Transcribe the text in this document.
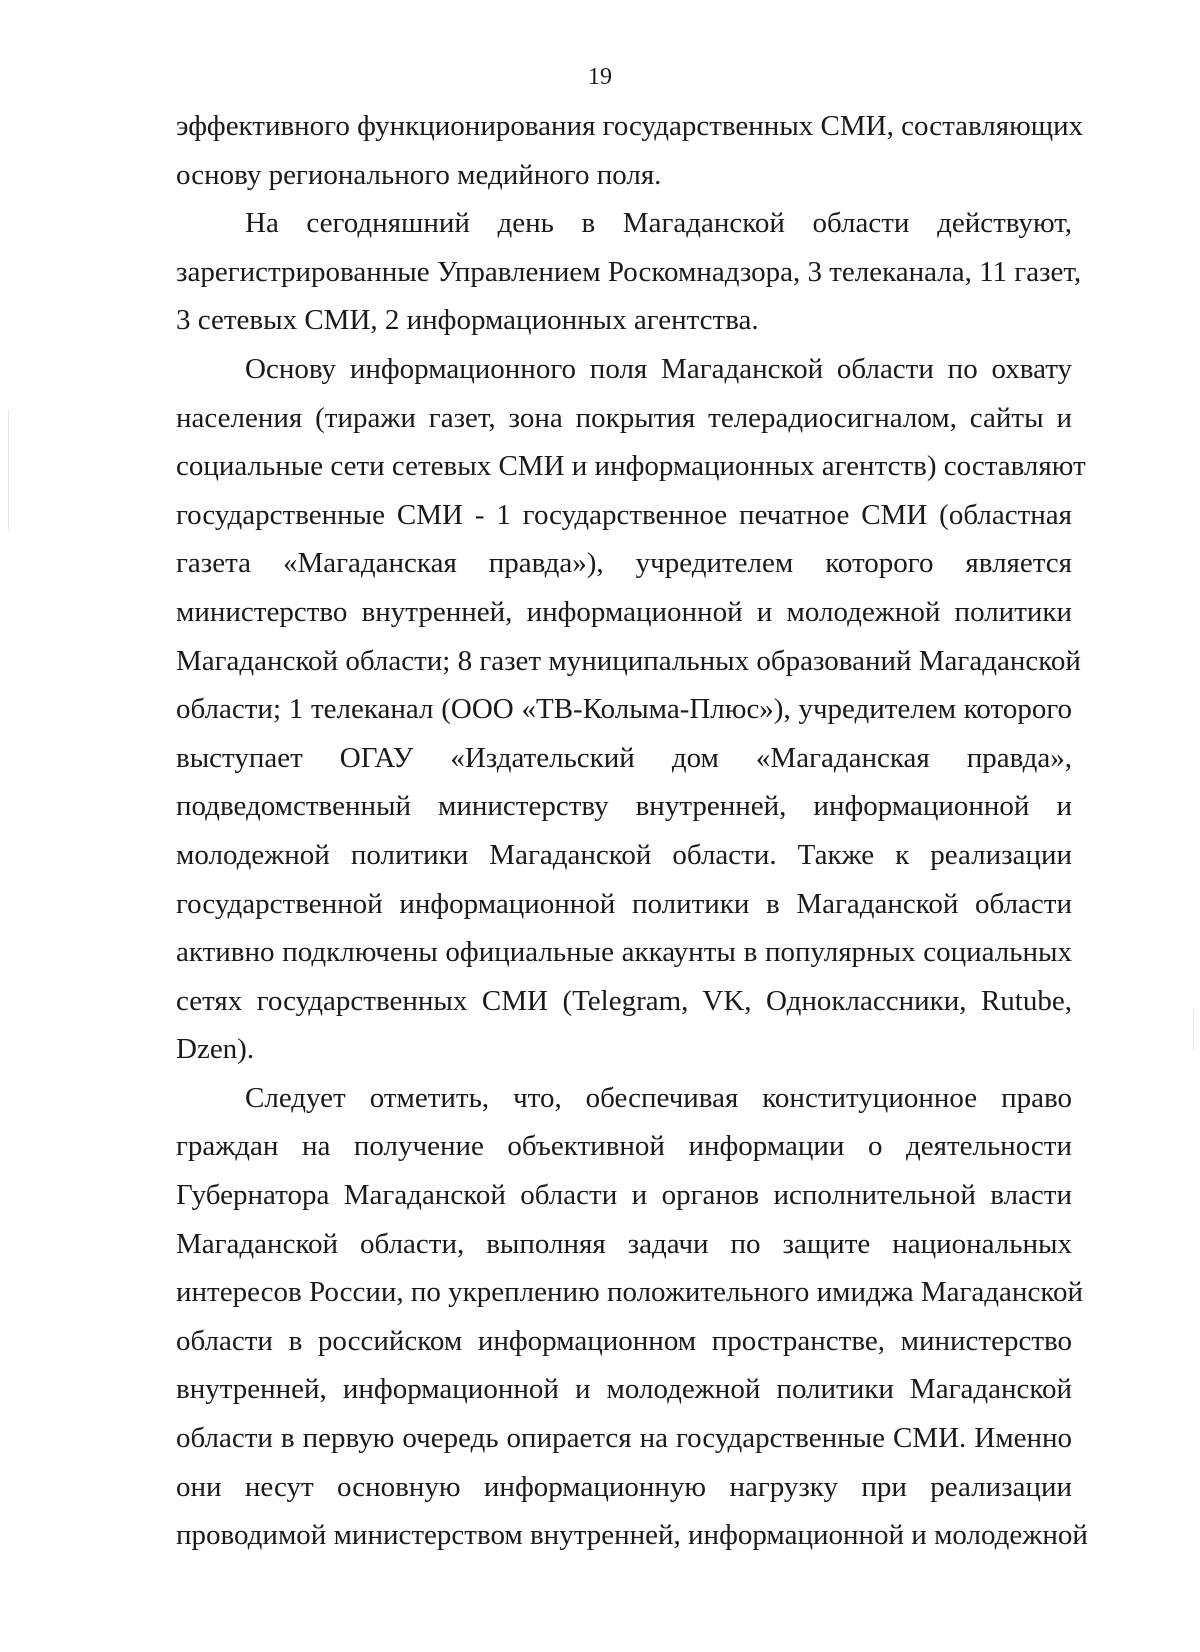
19

эффективного функционирования государственных СМИ, составляющих
основу регионального медийного поля.

На сегодняшний день в Магаданской области действуют,
зарегистрированные Управлением Роскомнадзора, 3 телеканала, 11 газет,
3 сетевых СМИ, 2 информационных агентства.

Основу информационного поля Магаданской области по охвату
населения (тиражи газет, зона покрытия телерадиосигналом, сайты и
социальные сети сетевых СМИ и информационных агентств) составляют
государственные СМИ - 1 государственное печатное СМИ (областная
газета «Магаданская правда»), учредителем которого является
министерство внутренней, информационной и молодежной политики
Магаданской области; 8 газет муниципальных образований Магаданской
области; 1 телеканал (ООО «ТВ-Колыма-Плюс»), учредителем которого
выступает ОГАУ «Издательский дом «Магаданская правда»,
подведомственный министерству внутренней, информационной и
молодежной политики Магаданской области. Также к реализации
государственной информационной политики в Магаданской области
активно подключены официальные аккаунты в популярных социальных
сетях государственных СМИ (Telegram, VK, Одноклассники, Rutube,
Dzen).

Следует отметить, что, обеспечивая конституционное право
граждан на получение объективной информации о деятельности
Губернатора Магаданской области и органов исполнительной власти
Магаданской области, выполняя задачи по защите национальных
интересов России, по укреплению положительного имиджа Магаданской
области в российском информационном пространстве, министерство
внутренней, информационной и молодежной политики Магаданской
области в первую очередь опирается на государственные СМИ. Именно
они несут основную информационную нагрузку при реализации
проводимой министерством внутренней, информационной и молодежной
